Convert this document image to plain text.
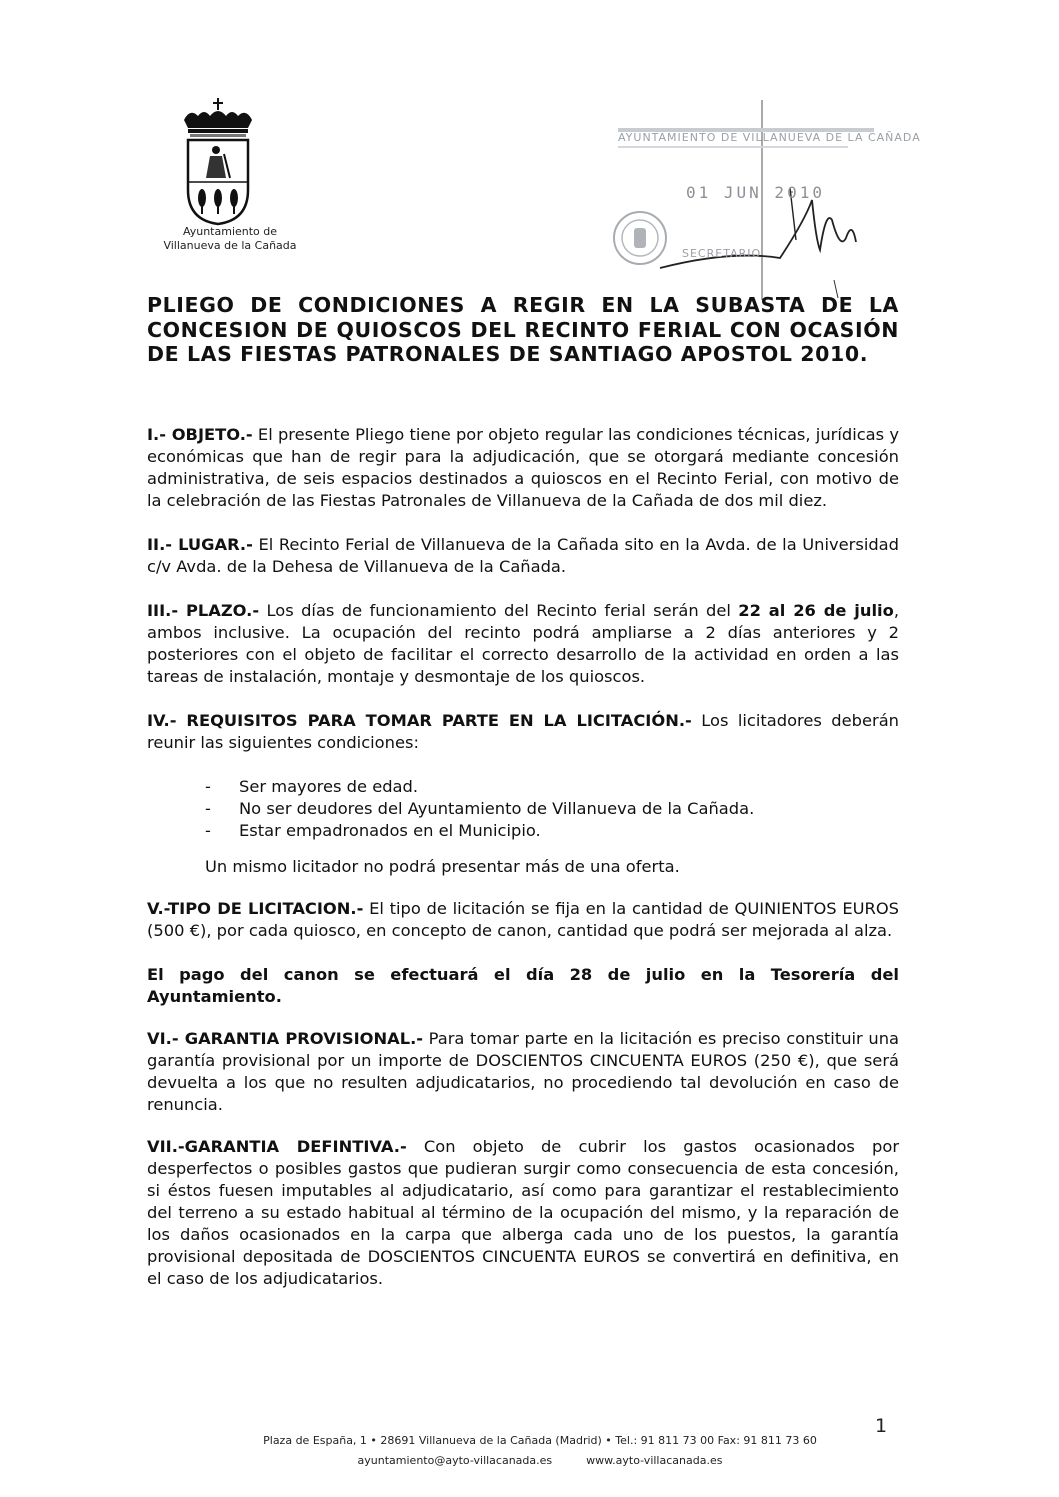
Ayuntamiento de
Villanueva de la Cañada
AYUNTAMIENTO DE VILLANUEVA DE LA CAÑADA
01 JUN 2010
SECRETARIO
PLIEGO DE CONDICIONES A REGIR EN LA SUBASTA DE LA CONCESION DE QUIOSCOS DEL RECINTO FERIAL CON OCASIÓN DE LAS FIESTAS PATRONALES DE SANTIAGO APOSTOL 2010.

I.- OBJETO.- El presente Pliego tiene por objeto regular las condiciones técnicas, jurídicas y económicas que han de regir para la adjudicación, que se otorgará mediante concesión administrativa, de seis espacios destinados a quioscos en el Recinto Ferial, con motivo de la celebración de las Fiestas Patronales de Villanueva de la Cañada de dos mil diez.

II.- LUGAR.- El Recinto Ferial de Villanueva de la Cañada sito en la Avda. de la Universidad c/v Avda. de la Dehesa de Villanueva de la Cañada.

III.- PLAZO.- Los días de funcionamiento del Recinto ferial serán del 22 al 26 de julio, ambos inclusive. La ocupación del recinto podrá ampliarse a 2 días anteriores y 2 posteriores con el objeto de facilitar el correcto desarrollo de la actividad en orden a las tareas de instalación, montaje y desmontaje de los quioscos.

IV.- REQUISITOS PARA TOMAR PARTE EN LA LICITACIÓN.- Los licitadores deberán reunir las siguientes condiciones:

- Ser mayores de edad.
- No ser deudores del Ayuntamiento de Villanueva de la Cañada.
- Estar empadronados en el Municipio.

Un mismo licitador no podrá presentar más de una oferta.

V.-TIPO DE LICITACION.- El tipo de licitación se fija en la cantidad de QUINIENTOS EUROS (500 €), por cada quiosco, en concepto de canon, cantidad que podrá ser mejorada al alza.

El pago del canon se efectuará el día 28 de julio en la Tesorería del Ayuntamiento.

VI.- GARANTIA PROVISIONAL.- Para tomar parte en la licitación es preciso constituir una garantía provisional por un importe de DOSCIENTOS CINCUENTA EUROS (250 €), que será devuelta a los que no resulten adjudicatarios, no procediendo tal devolución en caso de renuncia.

VII.-GARANTIA DEFINTIVA.- Con objeto de cubrir los gastos ocasionados por desperfectos o posibles gastos que pudieran surgir como consecuencia de esta concesión, si éstos fuesen imputables al adjudicatario, así como para garantizar el restablecimiento del terreno a su estado habitual al término de la ocupación del mismo, y la reparación de los daños ocasionados en la carpa que alberga cada uno de los puestos, la garantía provisional depositada de DOSCIENTOS CINCUENTA EUROS se convertirá en definitiva, en el caso de los adjudicatarios.

1
Plaza de España, 1 • 28691 Villanueva de la Cañada (Madrid) • Tel.: 91 811 73 00 Fax: 91 811 73 60
ayuntamiento@ayto-villacanada.es	www.ayto-villacanada.es
